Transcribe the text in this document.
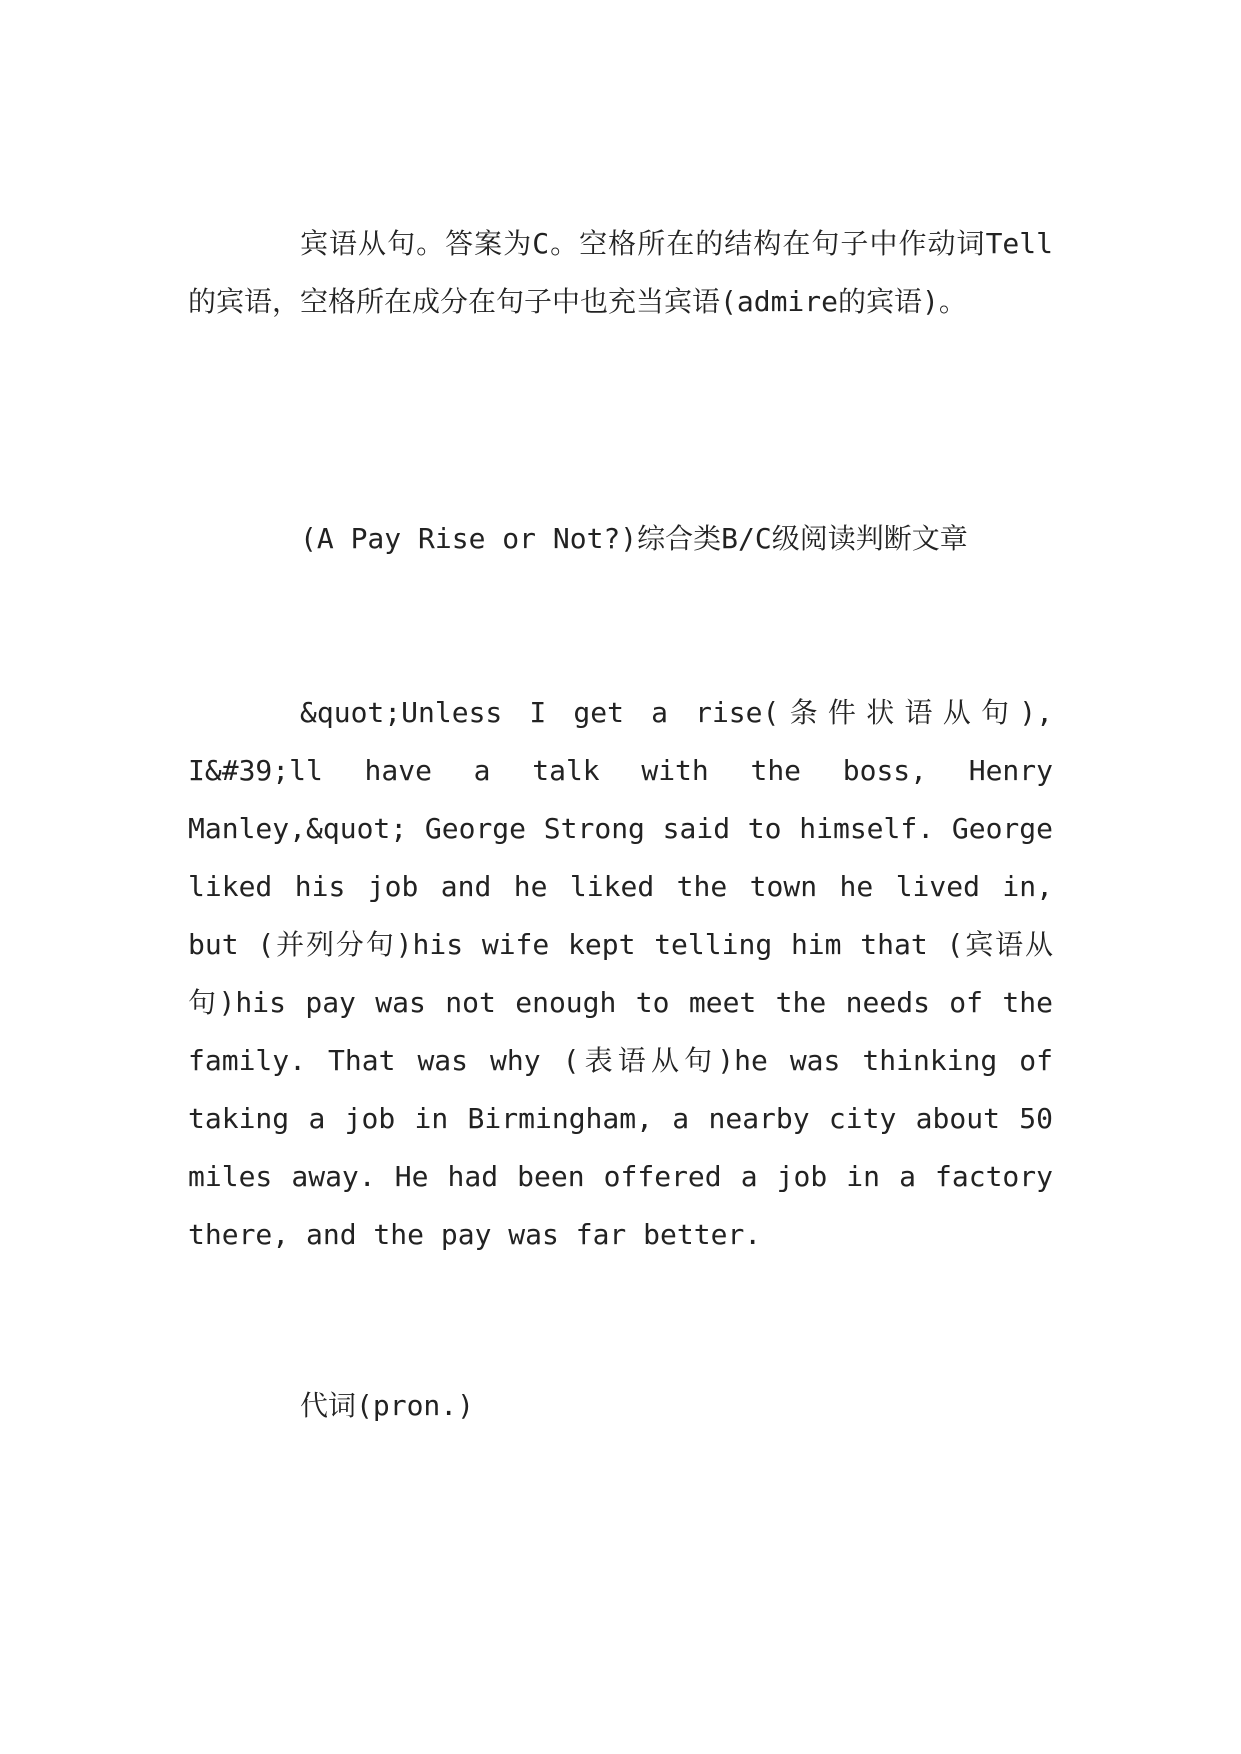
宾语从句。答案为C。空格所在的结构在句子中作动词Tell的宾语，空格所在成分在句子中也充当宾语(admire的宾语)。

(A Pay Rise or Not?)综合类B/C级阅读判断文章

&quot;Unless I get a rise(条件状语从句), I&#39;ll have a talk with the boss, Henry Manley,&quot; George Strong said to himself. George liked his job and he liked the town he lived in, but (并列分句)his wife kept telling him that (宾语从句)his pay was not enough to meet the needs of the family. That was why (表语从句)he was thinking of taking a job in Birmingham, a nearby city about 50 miles away. He had been offered a job in a factory there, and the pay was far better.

代词(pron.)
